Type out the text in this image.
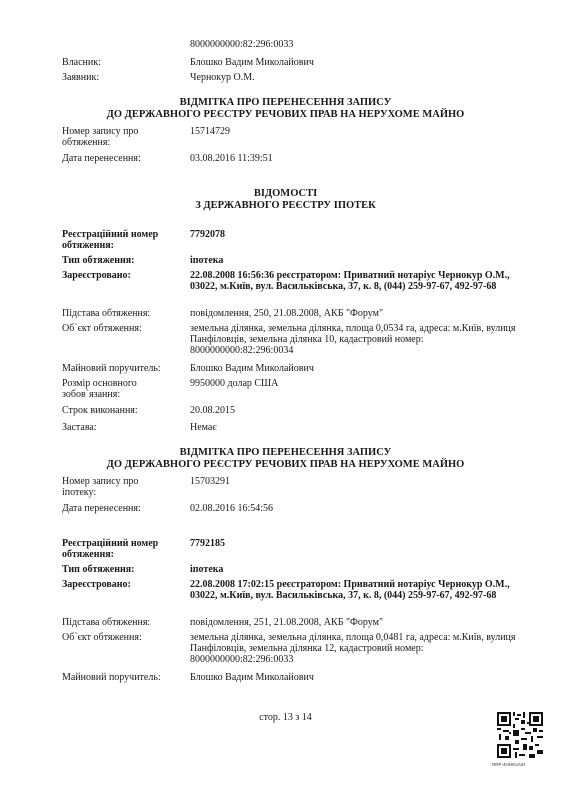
8000000000:82:296:0033
Власник:	Блошко Вадим Миколайович
Заявник:	Чернокур О.М.
ВІДМІТКА ПРО ПЕРЕНЕСЕННЯ ЗАПИСУ
ДО ДЕРЖАВНОГО РЕЄСТРУ РЕЧОВИХ ПРАВ НА НЕРУХОМЕ МАЙНО
Номер запису про обтяження:
15714729
Дата перенесення:	03.08.2016 11:39:51
ВІДОМОСТІ
З ДЕРЖАВНОГО РЕЄСТРУ ІПОТЕК
Реєстраційний номер обтяження:
7792078
Тип обтяження:	іпотека
Зареєстровано:	22.08.2008 16:56:36 реєстратором: Приватний нотаріус Чернокур О.М., 03022, м.Київ, вул. Васильківська, 37, к. 8, (044) 259-97-67, 492-97-68
Підстава обтяження:	повідомлення, 250, 21.08.2008, АКБ "Форум"
Об`єкт обтяження:	земельна ділянка, земельна ділянка, площа 0,0534 га, адреса: м.Київ, вулиця Панфіловців, земельна ділянка 10, кадастровий номер: 8000000000:82:296:0034
Майновий поручитель:	Блошко Вадим Миколайович
Розмір основного зобов`язання:
9950000 долар США
Строк виконання:	20.08.2015
Застава:	Немає
ВІДМІТКА ПРО ПЕРЕНЕСЕННЯ ЗАПИСУ
ДО ДЕРЖАВНОГО РЕЄСТРУ РЕЧОВИХ ПРАВ НА НЕРУХОМЕ МАЙНО
Номер запису про іпотеку:
15703291
Дата перенесення:	02.08.2016 16:54:56
Реєстраційний номер обтяження:
7792185
Тип обтяження:	іпотека
Зареєстровано:	22.08.2008 17:02:15 реєстратором: Приватний нотаріус Чернокур О.М., 03022, м.Київ, вул. Васильківська, 37, к. 8, (044) 259-97-67, 492-97-68
Підстава обтяження:	повідомлення, 251, 21.08.2008, АКБ "Форум"
Об`єкт обтяження:	земельна ділянка, земельна ділянка, площа 0,0481 га, адреса: м.Київ, вулиця Панфіловців, земельна ділянка 12, кадастровий номер: 8000000000:82:296:0033
Майновий поручитель:	Блошко Вадим Миколайович
стор. 13 з 14
RRP-4HH0UAIH
